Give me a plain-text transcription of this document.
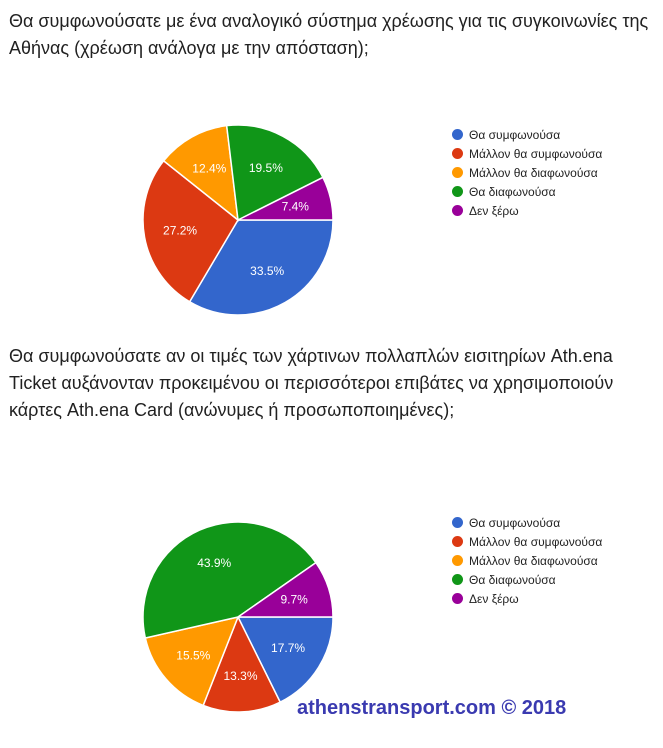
Θα συμφωνούσατε με ένα αναλογικό σύστημα χρέωσης για τις συγκοινωνίες της Αθήνας (χρέωση ανάλογα με την απόσταση);
33.5%
27.2%
12.4% 19.5%
7.4%
Θα συμφωνούσα
Μάλλον θα συμφωνούσα
Μάλλον θα διαφωνούσα
Θα διαφωνούσα
Δεν ξέρω
Θα συμφωνούσατε αν οι τιμές των χάρτινων πολλαπλών εισιτηρίων Ath.ena Ticket αυξάνονταν προκειμένου οι περισσότεροι επιβάτες να χρησιμοποιούν κάρτες Ath.ena Card (ανώνυμες ή προσωποποιημένες);
17.7%
13.3%
15.5%
43.9%
9.7%
Θα συμφωνούσα
Μάλλον θα συμφωνούσα
Μάλλον θα διαφωνούσα
Θα διαφωνούσα
Δεν ξέρω
athenstransport.com © 2018
